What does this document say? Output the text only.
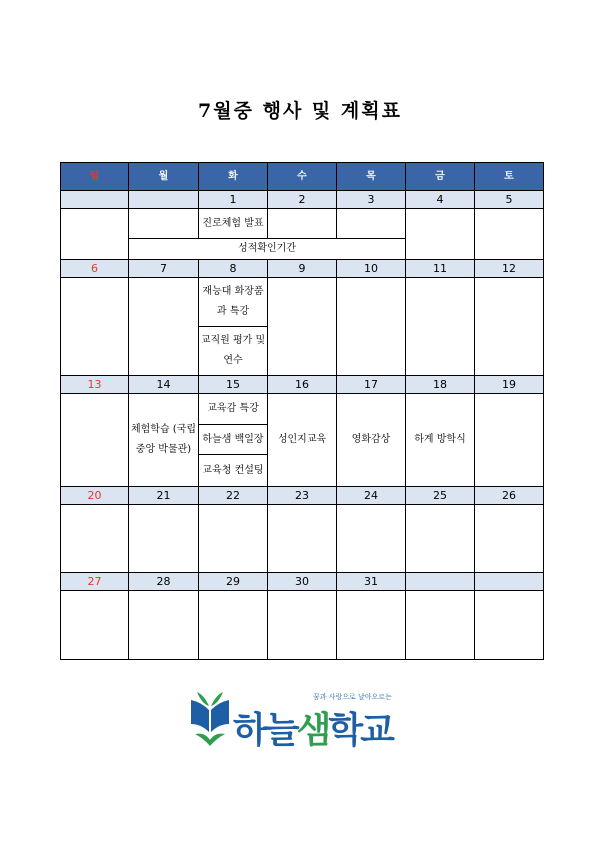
7월중 행사 및 계획표
일	월	화	수	목	금	토
		1	2	3	4	5
		진로체험 발표				
	성적확인기간					
6	7	8	9	10	11	12
		재능대 화장품과 특강				
		교직원 평가 및 연수				
13	14	15	16	17	18	19
	체험학습 (국립중앙 박물관)	교육감 특강	성인지교육	영화감상	하계 방학식	
		하늘샘 백일장				
		교육청 컨설팅				
20	21	22	23	24	25	26

27	28	29	30	31		

꿈과 사랑으로 날아오르는
하늘샘학교
